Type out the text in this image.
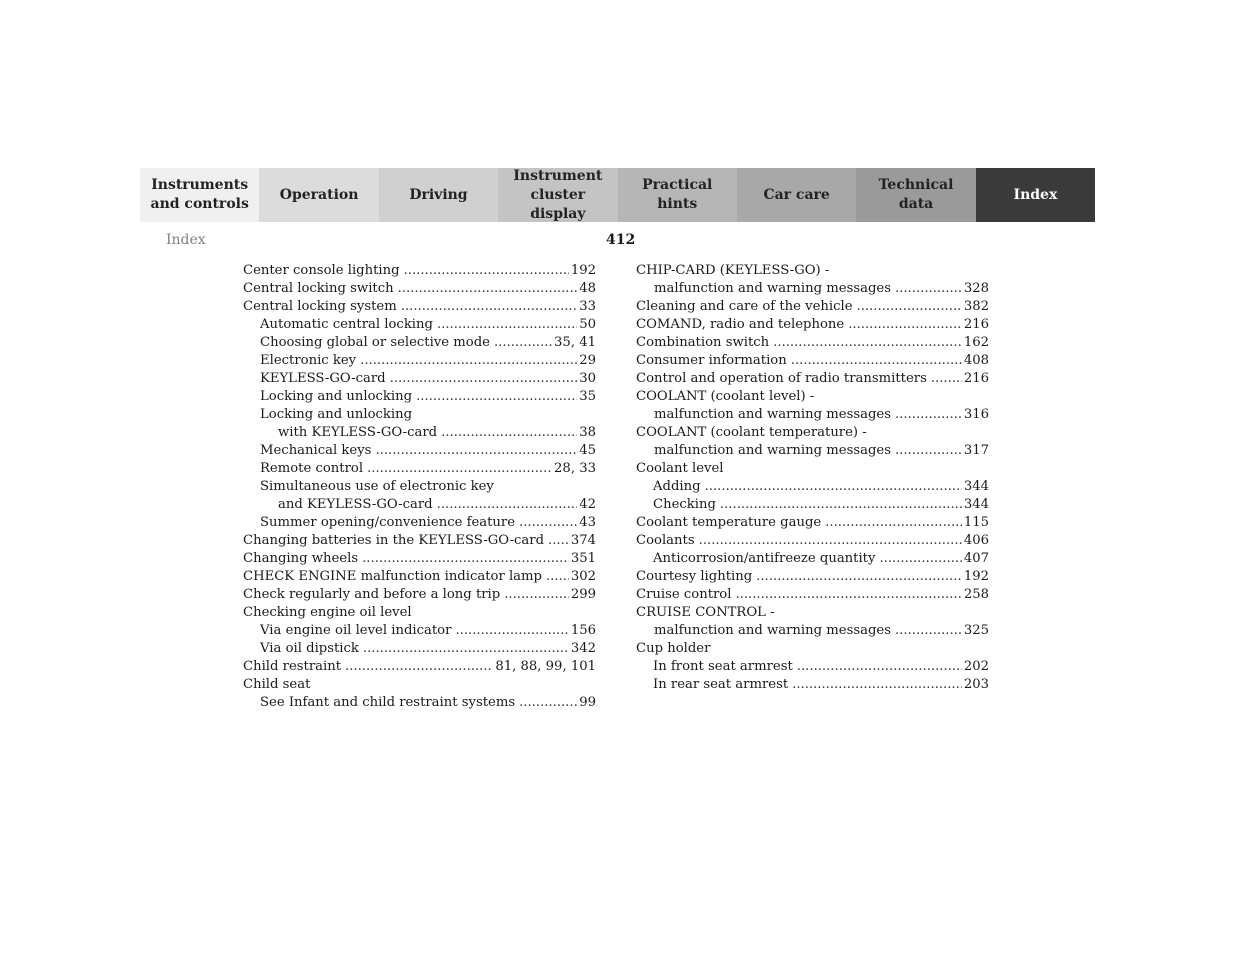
Instruments
and controls
Operation	Driving
Instrument
cluster display
Practical hints
Car care
Technical
data
Index
Index	412
Center console lighting .....	192
Central locking switch .....	48
Central locking system .....	33
Automatic central locking .....	50
Choosing global or selective mode .....	35, 41
Electronic key .....	29
KEYLESS-GO-card .....	30
Locking and unlocking .....	35
Locking and unlocking
with KEYLESS-GO-card .....	38
Mechanical keys .....	45
Remote control .....	28, 33
Simultaneous use of electronic key
and KEYLESS-GO-card .....	42
Summer opening/convenience feature .....	43
Changing batteries in the KEYLESS-GO-card ..... 374
Changing wheels .....	351
CHECK ENGINE malfunction indicator lamp ..... 302
Check regularly and before a long trip .....	299
Checking engine oil level
Via engine oil level indicator .....	156
Via oil dipstick .....	342
Child restraint .....	81, 88, 99, 101
Child seat
See Infant and child restraint systems .....	99
CHIP-CARD (KEYLESS-GO) -
malfunction and warning messages .....	328
Cleaning and care of the vehicle .....	382
COMAND, radio and telephone .....	216
Combination switch .....	162
Consumer information .....	408
Control and operation of radio transmitters .....	216
COOLANT (coolant level) -
malfunction and warning messages .....	316
COOLANT (coolant temperature) -
malfunction and warning messages .....	317
Coolant level
Adding .....	344
Checking .....	344
Coolant temperature gauge .....	115
Coolants .....	406
Anticorrosion/antifreeze quantity .....	407
Courtesy lighting .....	192
Cruise control .....	258
CRUISE CONTROL -
malfunction and warning messages .....	325
Cup holder
In front seat armrest .....	202
In rear seat armrest .....	203
